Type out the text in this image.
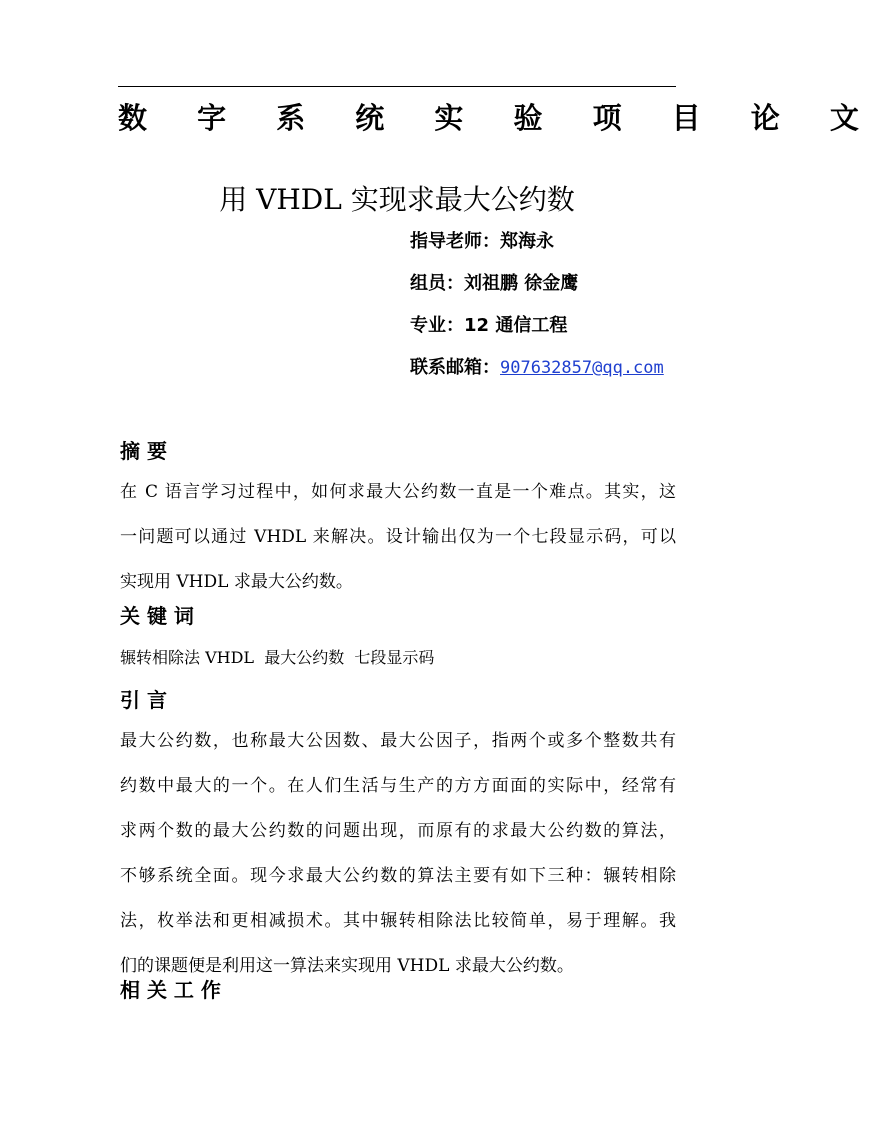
数 字 系 统 实 验 项 目 论 文
用 VHDL 实现求最大公约数
指导老师：郑海永
组员：刘祖鹏 徐金鹰
专业：12 通信工程
联系邮箱：907632857@qq.com
摘 要
在 C 语言学习过程中，如何求最大公约数一直是一个难点。其实，这
一问题可以通过 VHDL 来解决。设计输出仅为一个七段显示码，可以
实现用 VHDL 求最大公约数。
关 键 词
辗转相除法 VHDL  最大公约数  七段显示码
引 言
最大公约数，也称最大公因数、最大公因子，指两个或多个整数共有
约数中最大的一个。在人们生活与生产的方方面面的实际中，经常有
求两个数的最大公约数的问题出现，而原有的求最大公约数的算法，
不够系统全面。现今求最大公约数的算法主要有如下三种：辗转相除
法，枚举法和更相减损术。其中辗转相除法比较简单，易于理解。我
们的课题便是利用这一算法来实现用 VHDL 求最大公约数。
相 关 工 作
